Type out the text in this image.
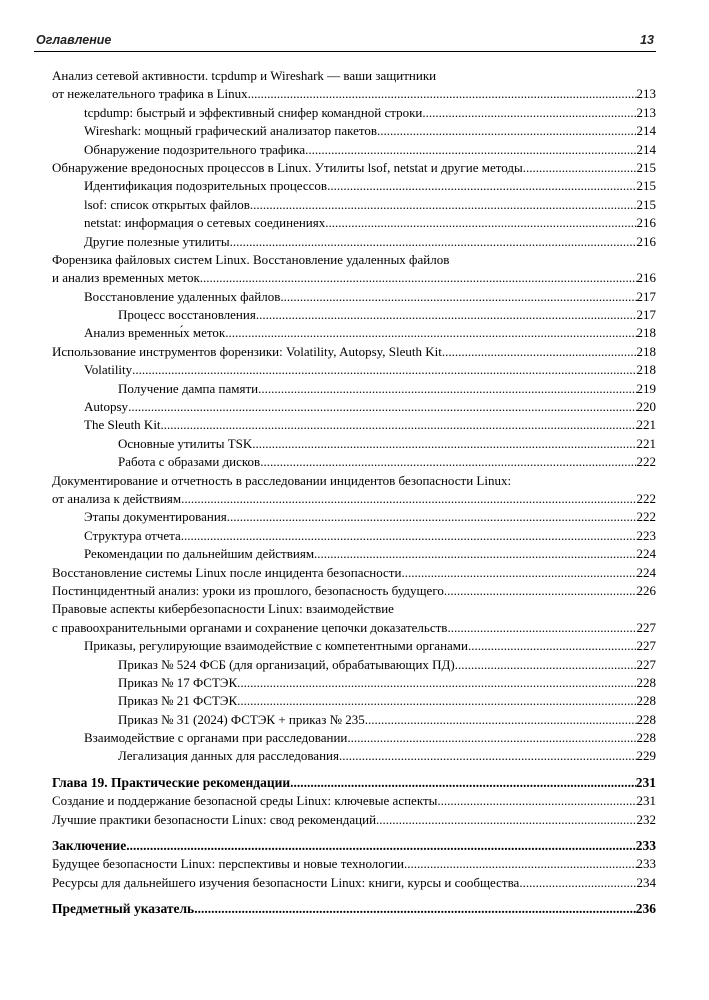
Оглавление	13
Анализ сетевой активности. tcpdump и Wireshark — ваши защитники
от нежелательного трафика в Linux .....	213
tcpdump: быстрый и эффективный снифер командной строки .....	213
Wireshark: мощный графический анализатор пакетов .....	214
Обнаружение подозрительного трафика .....	214
Обнаружение вредоносных процессов в Linux. Утилиты lsof, netstat и другие методы .....	215
Идентификация подозрительных процессов .....	215
lsof: список открытых файлов .....	215
netstat: информация о сетевых соединениях .....	216
Другие полезные утилиты .....	216
Форензика файловых систем Linux. Восстановление удаленных файлов
и анализ временных меток .....	216
Восстановление удаленных файлов .....	217
Процесс восстановления .....	217
Анализ временны́х меток .....	218
Использование инструментов форензики: Volatility, Autopsy, Sleuth Kit .....	218
Volatility .....	218
Получение дампа памяти .....	219
Autopsy .....	220
The Sleuth Kit .....	221
Основные утилиты TSK .....	221
Работа с образами дисков .....	222
Документирование и отчетность в расследовании инцидентов безопасности Linux:
от анализа к действиям .....	222
Этапы документирования .....	222
Структура отчета .....	223
Рекомендации по дальнейшим действиям .....	224
Восстановление системы Linux после инцидента безопасности .....	224
Постинцидентный анализ: уроки из прошлого, безопасность будущего .....	226
Правовые аспекты кибербезопасности Linux: взаимодействие
с правоохранительными органами и сохранение цепочки доказательств .....	227
Приказы, регулирующие взаимодействие с компетентными органами .....	227
Приказ № 524 ФСБ (для организаций, обрабатывающих ПД) .....	227
Приказ № 17 ФСТЭК .....	228
Приказ № 21 ФСТЭК .....	228
Приказ № 31 (2024) ФСТЭК + приказ № 235 .....	228
Взаимодействие с органами при расследовании .....	228
Легализация данных для расследования .....	229
Глава 19. Практические рекомендации .....	231
Создание и поддержание безопасной среды Linux: ключевые аспекты .....	231
Лучшие практики безопасности Linux: свод рекомендаций .....	232
Заключение .....	233
Будущее безопасности Linux: перспективы и новые технологии .....	233
Ресурсы для дальнейшего изучения безопасности Linux: книги, курсы и сообщества .....	234
Предметный указатель .....	236
